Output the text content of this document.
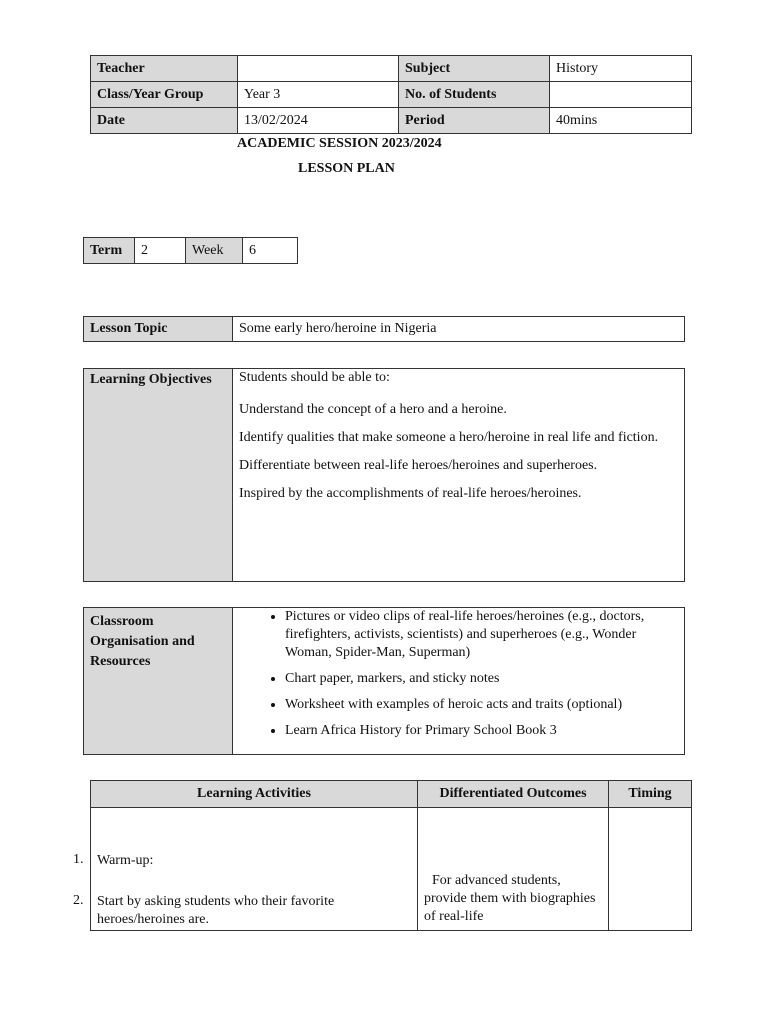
Teacher		Subject	History
Class/Year Group	Year 3	No. of Students	
Date	13/02/2024	Period	40mins
ACADEMIC SESSION 2023/2024
LESSON PLAN
Term	2	Week	6
Lesson Topic	Some early hero/heroine in Nigeria
Learning Objectives	Students should be able to:

Understand the concept of a hero and a heroine.

Identify qualities that make someone a hero/heroine in real life and fiction.

Differentiate between real-life heroes/heroines and superheroes.

Inspired by the accomplishments of real-life heroes/heroines.

Classroom Organisation and Resources	
• Pictures or video clips of real-life heroes/heroines (e.g., doctors, firefighters, activists, scientists) and superheroes (e.g., Wonder Woman, Spider-Man, Superman)
• Chart paper, markers, and sticky notes
• Worksheet with examples of heroic acts and traits (optional)
• Learn Africa History for Primary School Book 3
Learning Activities	Differentiated Outcomes	Timing

1. Warm-up:
2. Start by asking students who their favorite heroes/heroines are.	For advanced students, provide them with biographies of real-life	
